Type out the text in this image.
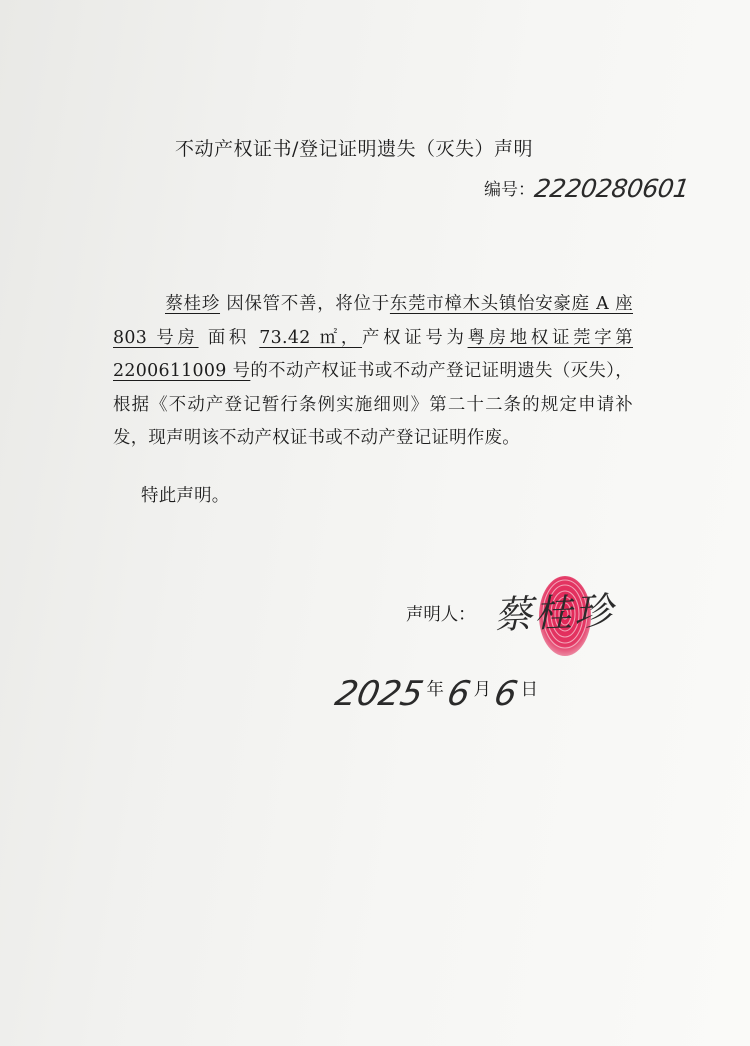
不动产权证书/登记证明遗失（灭失）声明
编号：2220280601
蔡桂珍 因保管不善，将位于东莞市樟木头镇怡安豪庭 A 座 803 号房 面积 73.42 ㎡，产权证号为粤房地权证莞字第 2200611009 号的不动产权证书或不动产登记证明遗失（灭失），根据《不动产登记暂行条例实施细则》第二十二条的规定申请补发，现声明该不动产权证书或不动产登记证明作废。
特此声明。
声明人： 蔡桂珍
2025年6月6日
